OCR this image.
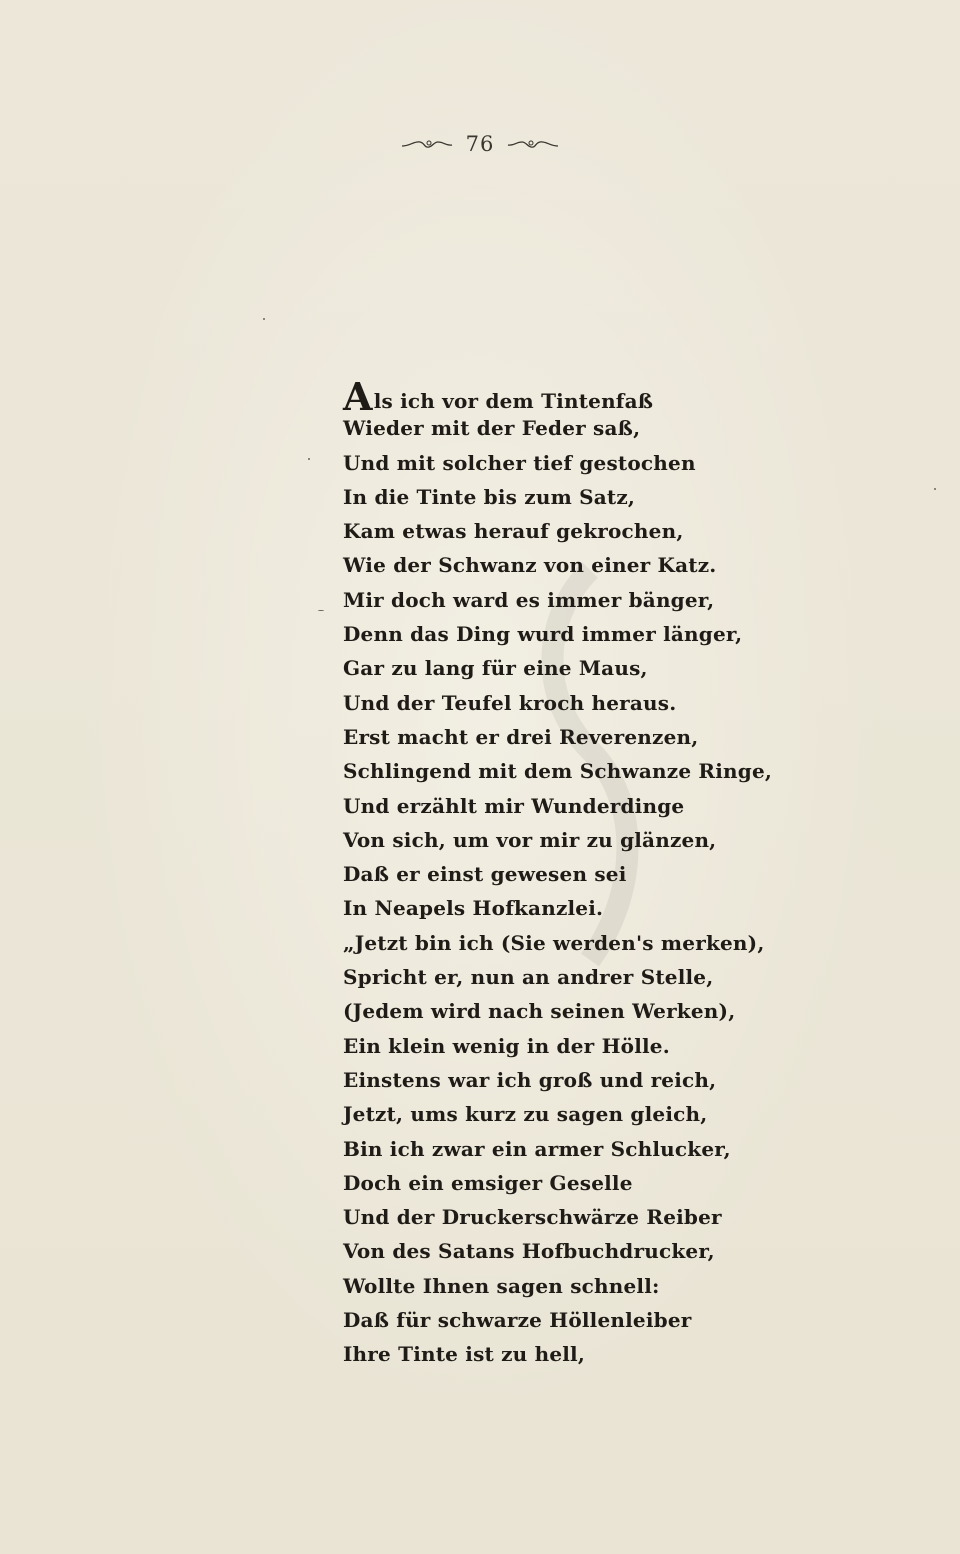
76
A ls ich vor dem Tintenfaß
Wieder mit der Feder saß,
Und mit solcher tief gestochen
In die Tinte bis zum Satz,
Kam etwas herauf gekrochen,
Wie der Schwanz von einer Katz.
Mir doch ward es immer bänger,
Denn das Ding wurd immer länger,
Gar zu lang für eine Maus,
Und der Teufel kroch heraus.
Erst macht er drei Reverenzen,
Schlingend mit dem Schwanze Ringe,
Und erzählt mir Wunderdinge
Von sich, um vor mir zu glänzen,
Daß er einst gewesen sei
In Neapels Hofkanzlei.
„Jetzt bin ich (Sie werden's merken),
Spricht er, nun an andrer Stelle,
(Jedem wird nach seinen Werken),
Ein klein wenig in der Hölle.
Einstens war ich groß und reich,
Jetzt, ums kurz zu sagen gleich,
Bin ich zwar ein armer Schlucker,
Doch ein emsiger Geselle
Und der Druckerschwärze Reiber
Von des Satans Hofbuchdrucker,
Wollte Ihnen sagen schnell:
Daß für schwarze Höllenleiber
Ihre Tinte ist zu hell,
